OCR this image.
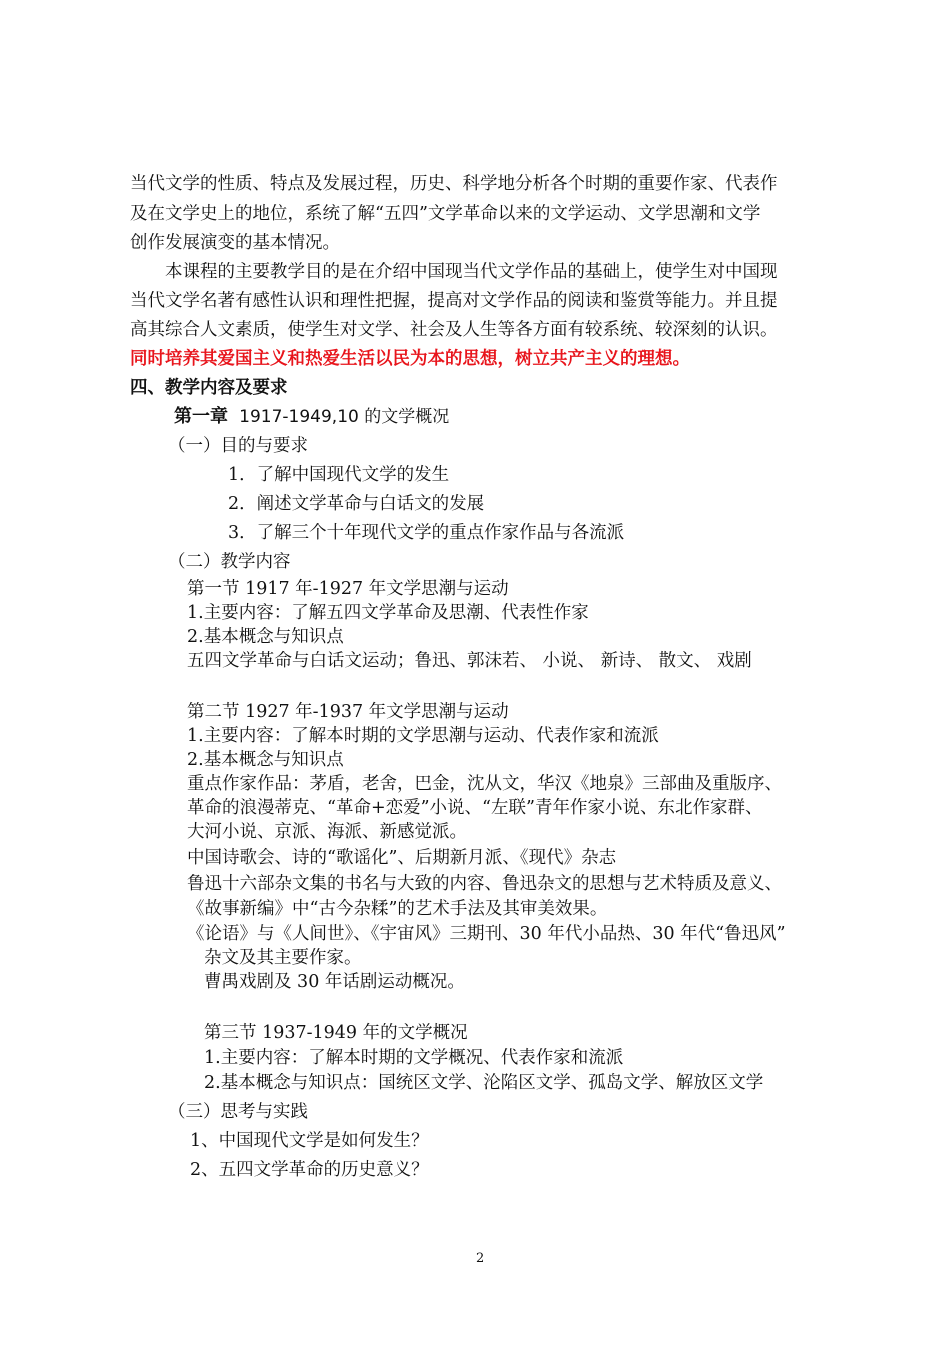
当代文学的性质、特点及发展过程，历史、科学地分析各个时期的重要作家、代表作
及在文学史上的地位，系统了解“五四”文学革命以来的文学运动、文学思潮和文学
创作发展演变的基本情况。
　　本课程的主要教学目的是在介绍中国现当代文学作品的基础上，使学生对中国现
当代文学名著有感性认识和理性把握，提高对文学作品的阅读和鉴赏等能力。并且提
高其综合人文素质，使学生对文学、社会及人生等各方面有较系统、较深刻的认识。
同时培养其爱国主义和热爱生活以民为本的思想，树立共产主义的理想。
四、教学内容及要求
第一章 1917-1949,10 的文学概况
（一）目的与要求
1．了解中国现代文学的发生
2．阐述文学革命与白话文的发展
3．了解三个十年现代文学的重点作家作品与各流派
（二）教学内容
第一节 1917 年-1927 年文学思潮与运动
1.主要内容：了解五四文学革命及思潮、代表性作家
2.基本概念与知识点
五四文学革命与白话文运动；鲁迅、郭沫若、 小说、 新诗、 散文、 戏剧
第二节 1927 年-1937 年文学思潮与运动
1.主要内容：了解本时期的文学思潮与运动、代表作家和流派
2.基本概念与知识点
重点作家作品：茅盾，老舍，巴金，沈从文，华汉《地泉》三部曲及重版序、
革命的浪漫蒂克、“革命+恋爱”小说、“左联”青年作家小说、东北作家群、
大河小说、京派、海派、新感觉派。
中国诗歌会、诗的“歌谣化”、后期新月派、《现代》杂志
鲁迅十六部杂文集的书名与大致的内容、鲁迅杂文的思想与艺术特质及意义、
《故事新编》中“古今杂糅”的艺术手法及其审美效果。
《论语》与《人间世》、《宇宙风》三期刊、30 年代小品热、30 年代“鲁迅风”
杂文及其主要作家。
曹禺戏剧及 30 年话剧运动概况。
第三节 1937-1949 年的文学概况
1.主要内容：了解本时期的文学概况、代表作家和流派
2.基本概念与知识点：国统区文学、沦陷区文学、孤岛文学、解放区文学
（三）思考与实践
1、中国现代文学是如何发生？
2、五四文学革命的历史意义？
2
